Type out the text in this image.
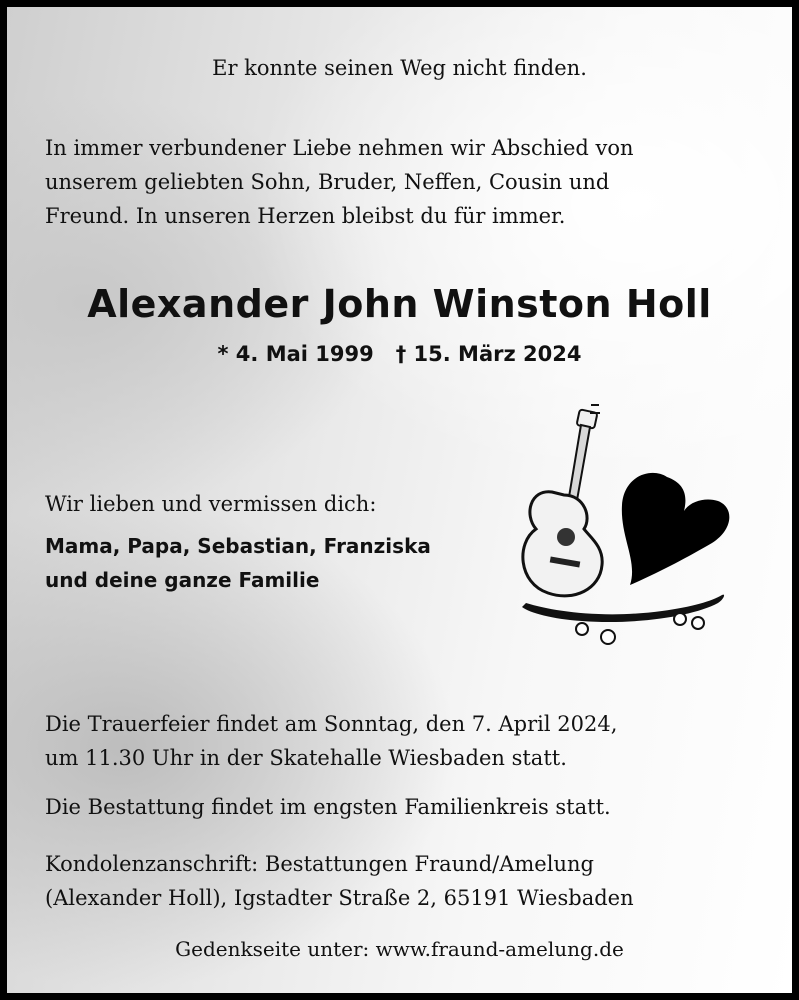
Er konnte seinen Weg nicht finden.
In immer verbundener Liebe nehmen wir Abschied von
unserem geliebten Sohn, Bruder, Neffen, Cousin und
Freund. In unseren Herzen bleibst du für immer.
Alexander John Winston Holl
* 4. Mai 1999 † 15. März 2024
Wir lieben und vermissen dich:
Mama, Papa, Sebastian, Franziska
und deine ganze Familie
Die Trauerfeier findet am Sonntag, den 7. April 2024,
um 11.30 Uhr in der Skatehalle Wiesbaden statt.
Die Bestattung findet im engsten Familienkreis statt.
Kondolenzanschrift: Bestattungen Fraund/Amelung
(Alexander Holl), Igstadter Straße 2, 65191 Wiesbaden
Gedenkseite unter: www.fraund-amelung.de
